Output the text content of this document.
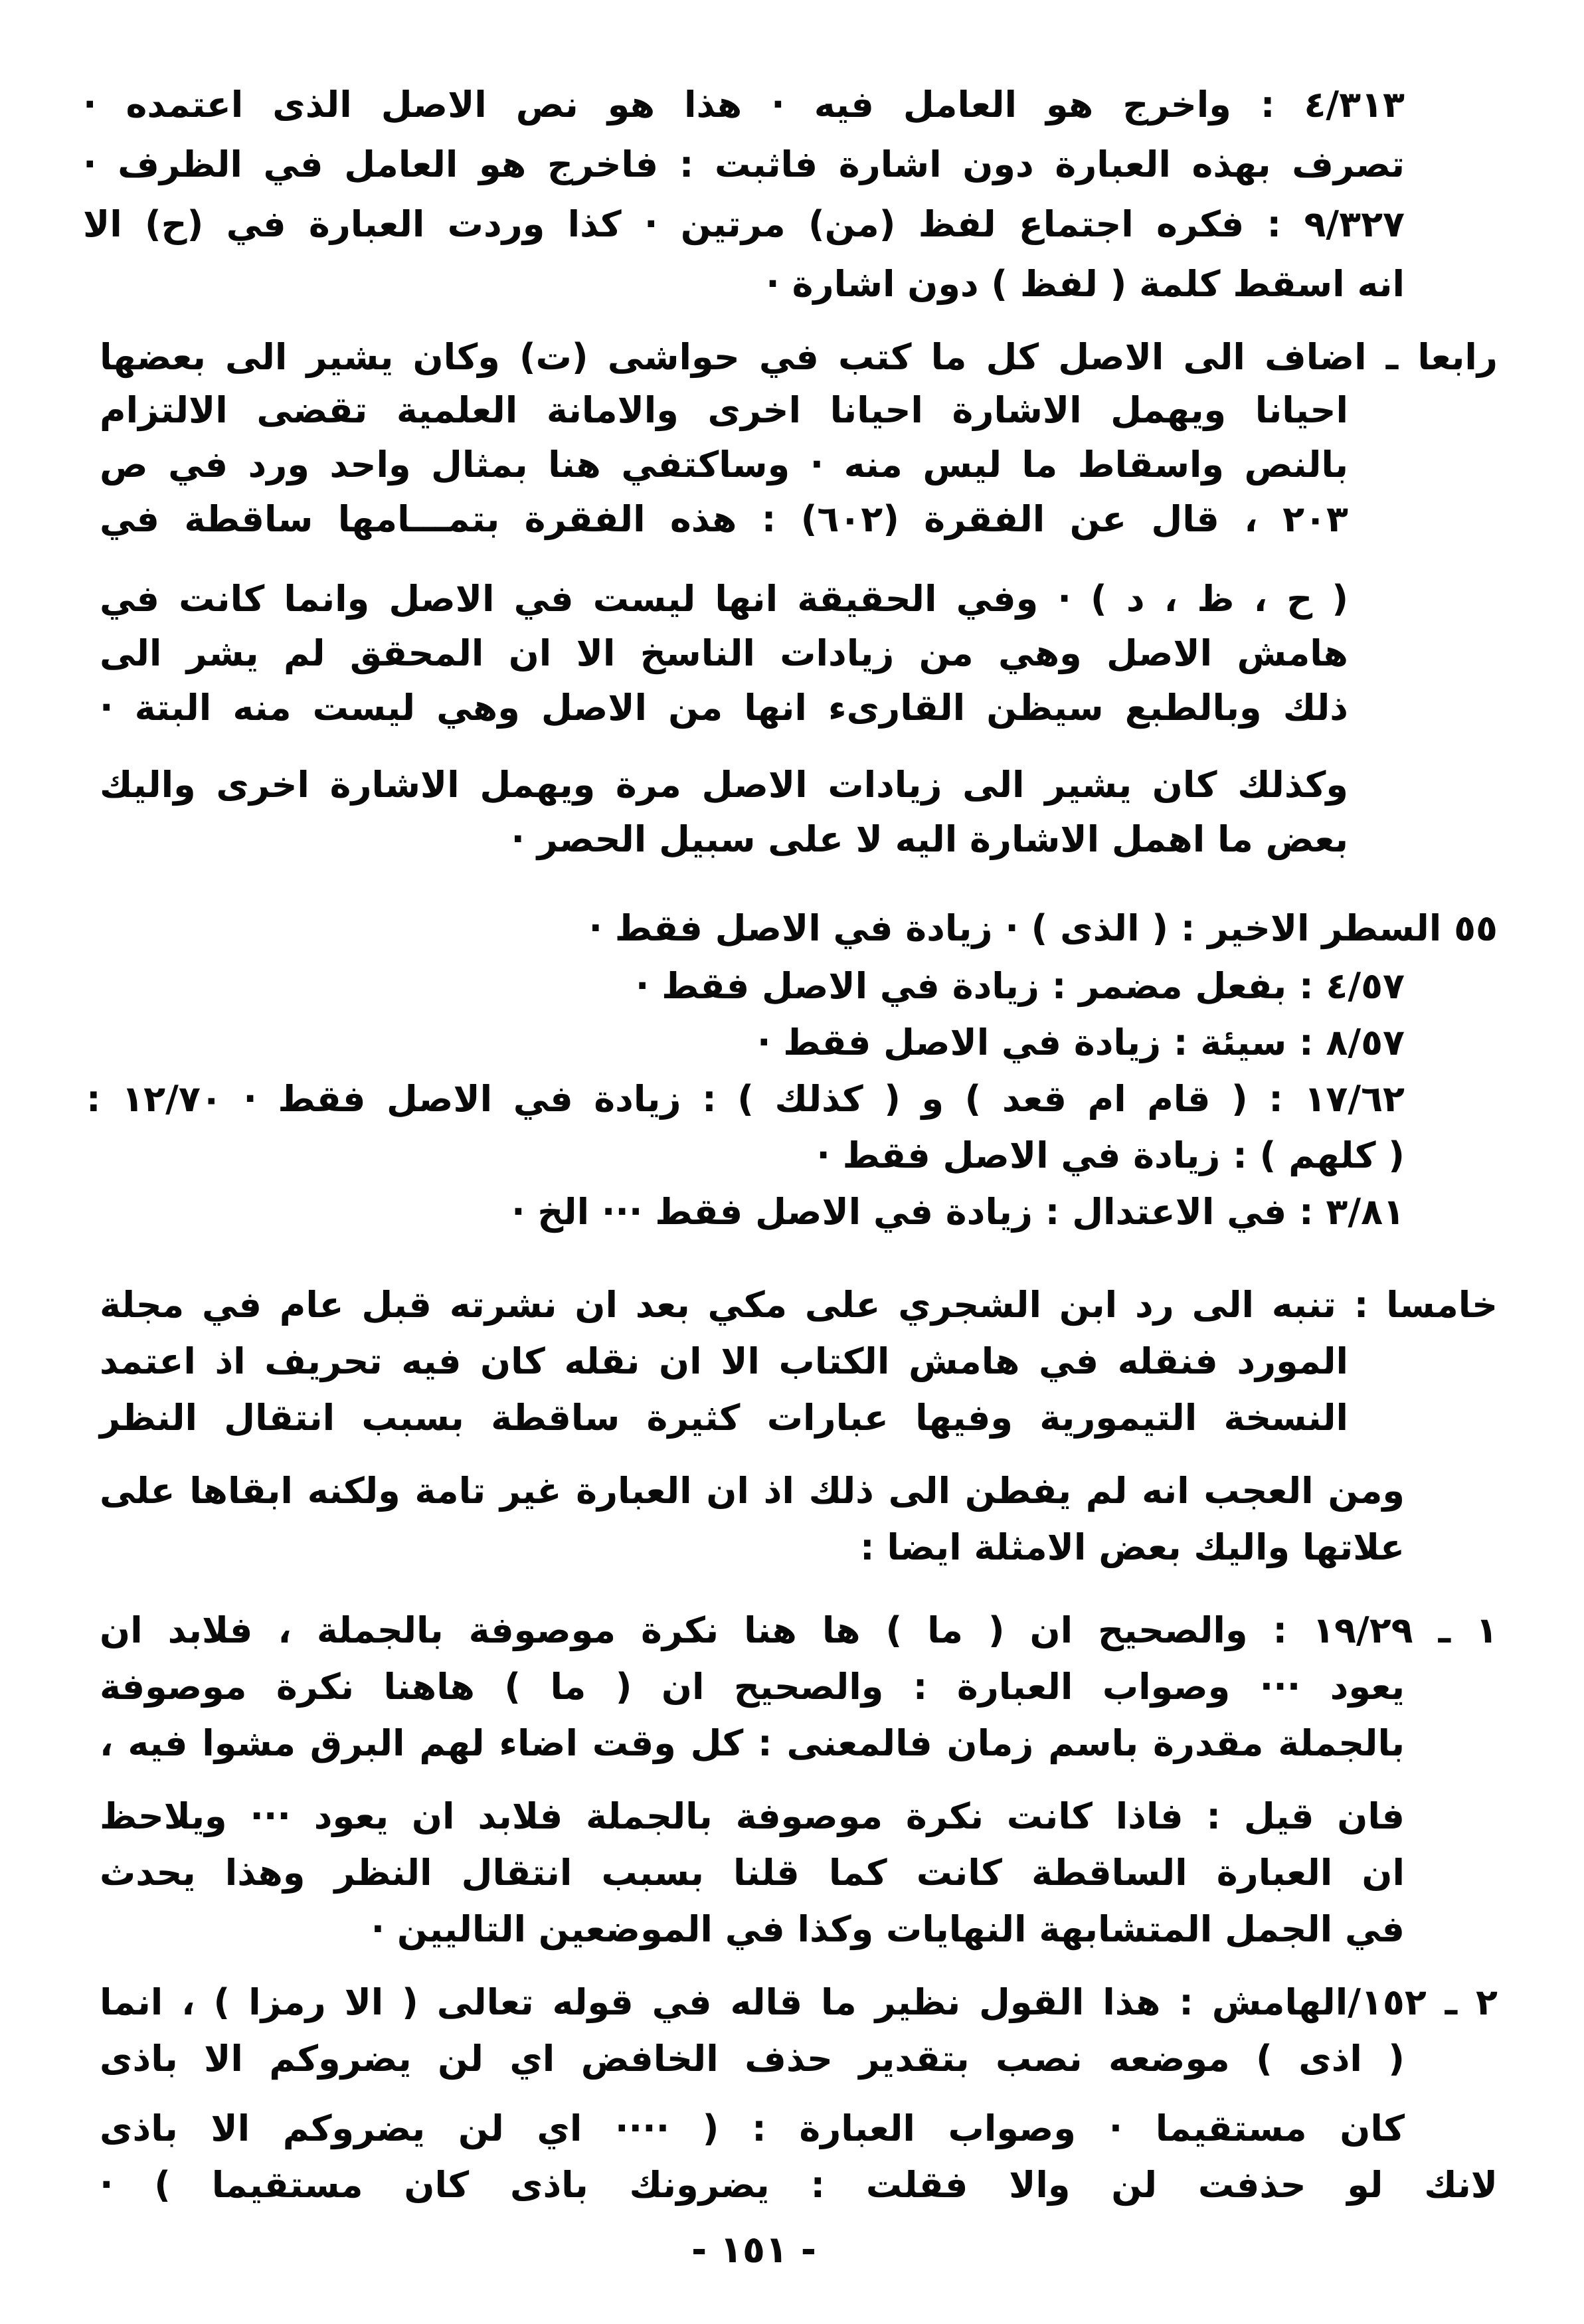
٤/٣١٣ : واخرج هو العامل فيه · هذا هو نص الاصل الذى اعتمده ·
تصرف بهذه العبارة دون اشارة فاثبت : فاخرج هو العامل في الظرف ·
٩/٣٢٧ : فكره اجتماع لفظ (من) مرتين · كذا وردت العبارة في (ح) الا
انه اسقط كلمة ( لفظ ) دون اشارة ·
رابعا ـ اضاف الى الاصل كل ما كتب في حواشى (ت) وكان يشير الى بعضها
احيانا ويهمل الاشارة احيانا اخرى والامانة العلمية تقضى الالتزام
بالنص واسقاط ما ليس منه · وساكتفي هنا بمثال واحد ورد في ص
٢٠٣ ، قال عن الفقرة (٦٠٢) : هذه الفقرة بتمـــامها ساقطة في
( ح ، ظ ، د ) · وفي الحقيقة انها ليست في الاصل وانما كانت في
هامش الاصل وهي من زيادات الناسخ الا ان المحقق لم يشر الى
ذلك وبالطبع سيظن القارىء انها من الاصل وهي ليست منه البتة ·
وكذلك كان يشير الى زيادات الاصل مرة ويهمل الاشارة اخرى واليك
بعض ما اهمل الاشارة اليه لا على سبيل الحصر ·
٥٥ السطر الاخير : ( الذى ) · زيادة في الاصل فقط ·
٤/٥٧ : بفعل مضمر : زيادة في الاصل فقط ·
٨/٥٧ : سيئة : زيادة في الاصل فقط ·
١٧/٦٢ : ( قام ام قعد ) و ( كذلك ) : زيادة في الاصل فقط · ١٢/٧٠ :
( كلهم ) : زيادة في الاصل فقط ·
٣/٨١ : في الاعتدال : زيادة في الاصل فقط ··· الخ ·
خامسا : تنبه الى رد ابن الشجري على مكي بعد ان نشرته قبل عام في مجلة
المورد فنقله في هامش الكتاب الا ان نقله كان فيه تحريف اذ اعتمد
النسخة التيمورية وفيها عبارات كثيرة ساقطة بسبب انتقال النظر
ومن العجب انه لم يفطن الى ذلك اذ ان العبارة غير تامة ولكنه ابقاها على
علاتها واليك بعض الامثلة ايضا :
١ ـ ١٩/٢٩ : والصحيح ان ( ما ) ها هنا نكرة موصوفة بالجملة ، فلابد ان
يعود ··· وصواب العبارة : والصحيح ان ( ما ) هاهنا نكرة موصوفة
بالجملة مقدرة باسم زمان فالمعنى : كل وقت اضاء لهم البرق مشوا فيه ،
فان قيل : فاذا كانت نكرة موصوفة بالجملة فلابد ان يعود ··· ويلاحظ
ان العبارة الساقطة كانت كما قلنا بسبب انتقال النظر وهذا يحدث
في الجمل المتشابهة النهايات وكذا في الموضعين التاليين ·
٢ ـ ١٥٢/الهامش : هذا القول نظير ما قاله في قوله تعالى ( الا رمزا ) ، انما
( اذى ) موضعه نصب بتقدير حذف الخافض اي لن يضروكم الا باذى
كان مستقيما · وصواب العبارة : ( ···· اي لن يضروكم الا باذى
لانك لو حذفت لن والا فقلت : يضرونك باذى كان مستقيما ) ·
- ١٥١ -
